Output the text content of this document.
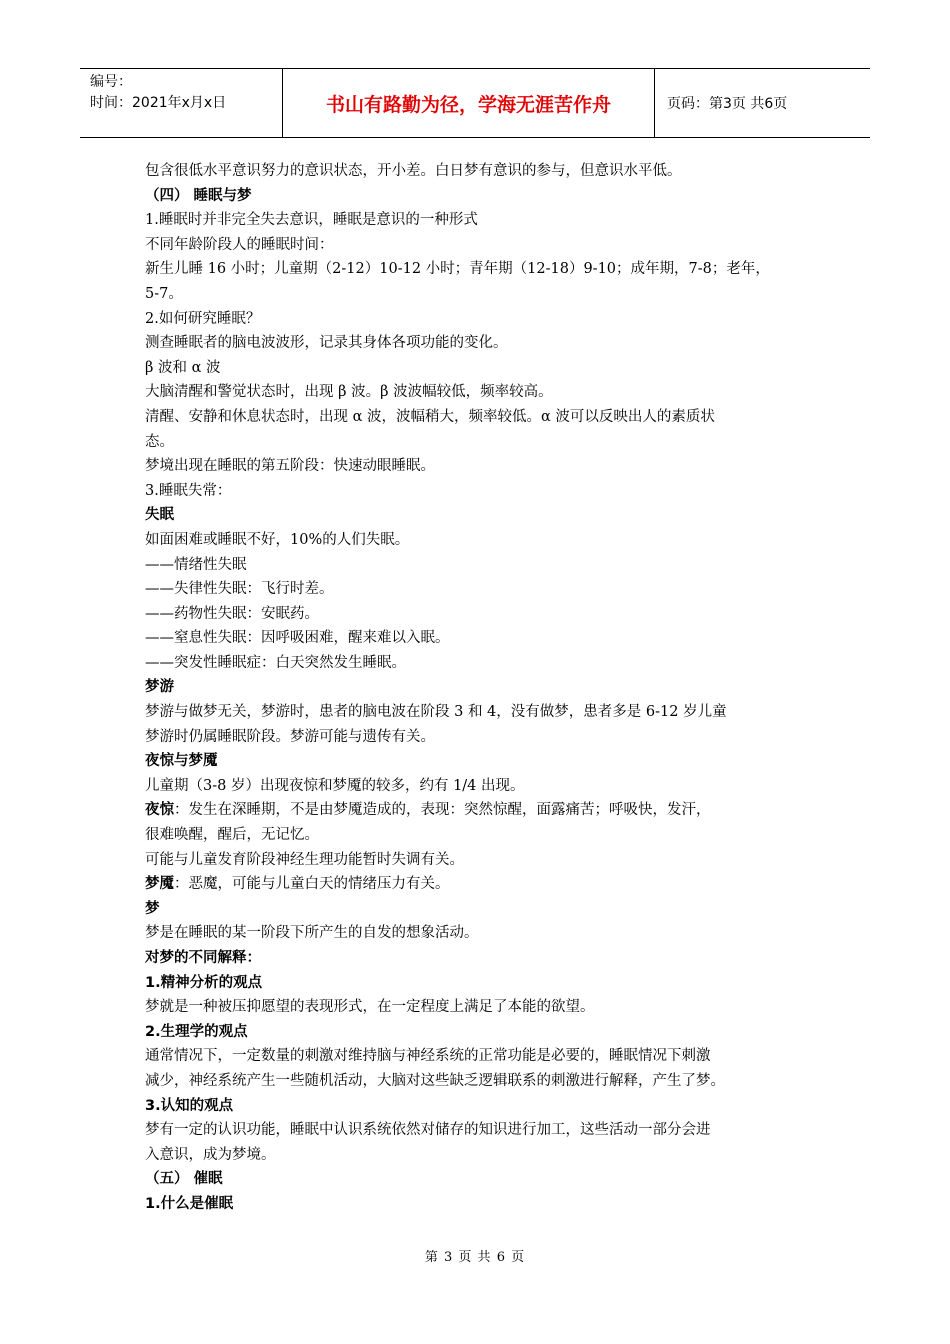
编号：
时间：2021年x月x日	书山有路勤为径，学海无涯苦作舟	页码：第3页 共6页

包含很低水平意识努力的意识状态，开小差。白日梦有意识的参与，但意识水平低。

（四） 睡眠与梦

1.睡眠时并非完全失去意识，睡眠是意识的一种形式

不同年龄阶段人的睡眠时间：

新生儿睡 16 小时；儿童期（2-12）10-12 小时；青年期（12-18）9-10；成年期，7-8；老年，

5-7。

2.如何研究睡眠？

测查睡眠者的脑电波波形，记录其身体各项功能的变化。

β 波和 α 波

大脑清醒和警觉状态时，出现 β 波。β 波波幅较低，频率较高。

清醒、安静和休息状态时，出现 α 波，波幅稍大，频率较低。α 波可以反映出人的素质状

态。

梦境出现在睡眠的第五阶段：快速动眼睡眠。

3.睡眠失常：

失眠

如面困难或睡眠不好，10%的人们失眠。

——情绪性失眠

——失律性失眠：飞行时差。

——药物性失眠：安眠药。

——窒息性失眠：因呼吸困难，醒来难以入眠。

——突发性睡眠症：白天突然发生睡眠。

梦游

梦游与做梦无关，梦游时，患者的脑电波在阶段 3 和 4，没有做梦，患者多是 6-12 岁儿童

梦游时仍属睡眠阶段。梦游可能与遗传有关。

夜惊与梦魇

儿童期（3-8 岁）出现夜惊和梦魇的较多，约有 1/4 出现。

夜惊：发生在深睡期，不是由梦魇造成的，表现：突然惊醒，面露痛苦；呼吸快，发汗，

很难唤醒，醒后，无记忆。

可能与儿童发育阶段神经生理功能暂时失调有关。

梦魇：恶魔，可能与儿童白天的情绪压力有关。

梦

梦是在睡眠的某一阶段下所产生的自发的想象活动。

对梦的不同解释：

1.精神分析的观点

梦就是一种被压抑愿望的表现形式，在一定程度上满足了本能的欲望。

2.生理学的观点

通常情况下，一定数量的刺激对维持脑与神经系统的正常功能是必要的，睡眠情况下刺激

减少，神经系统产生一些随机活动，大脑对这些缺乏逻辑联系的刺激进行解释，产生了梦。

3.认知的观点

梦有一定的认识功能，睡眠中认识系统依然对储存的知识进行加工，这些活动一部分会进

入意识，成为梦境。

（五） 催眠

1.什么是催眠

第 3 页 共 6 页
